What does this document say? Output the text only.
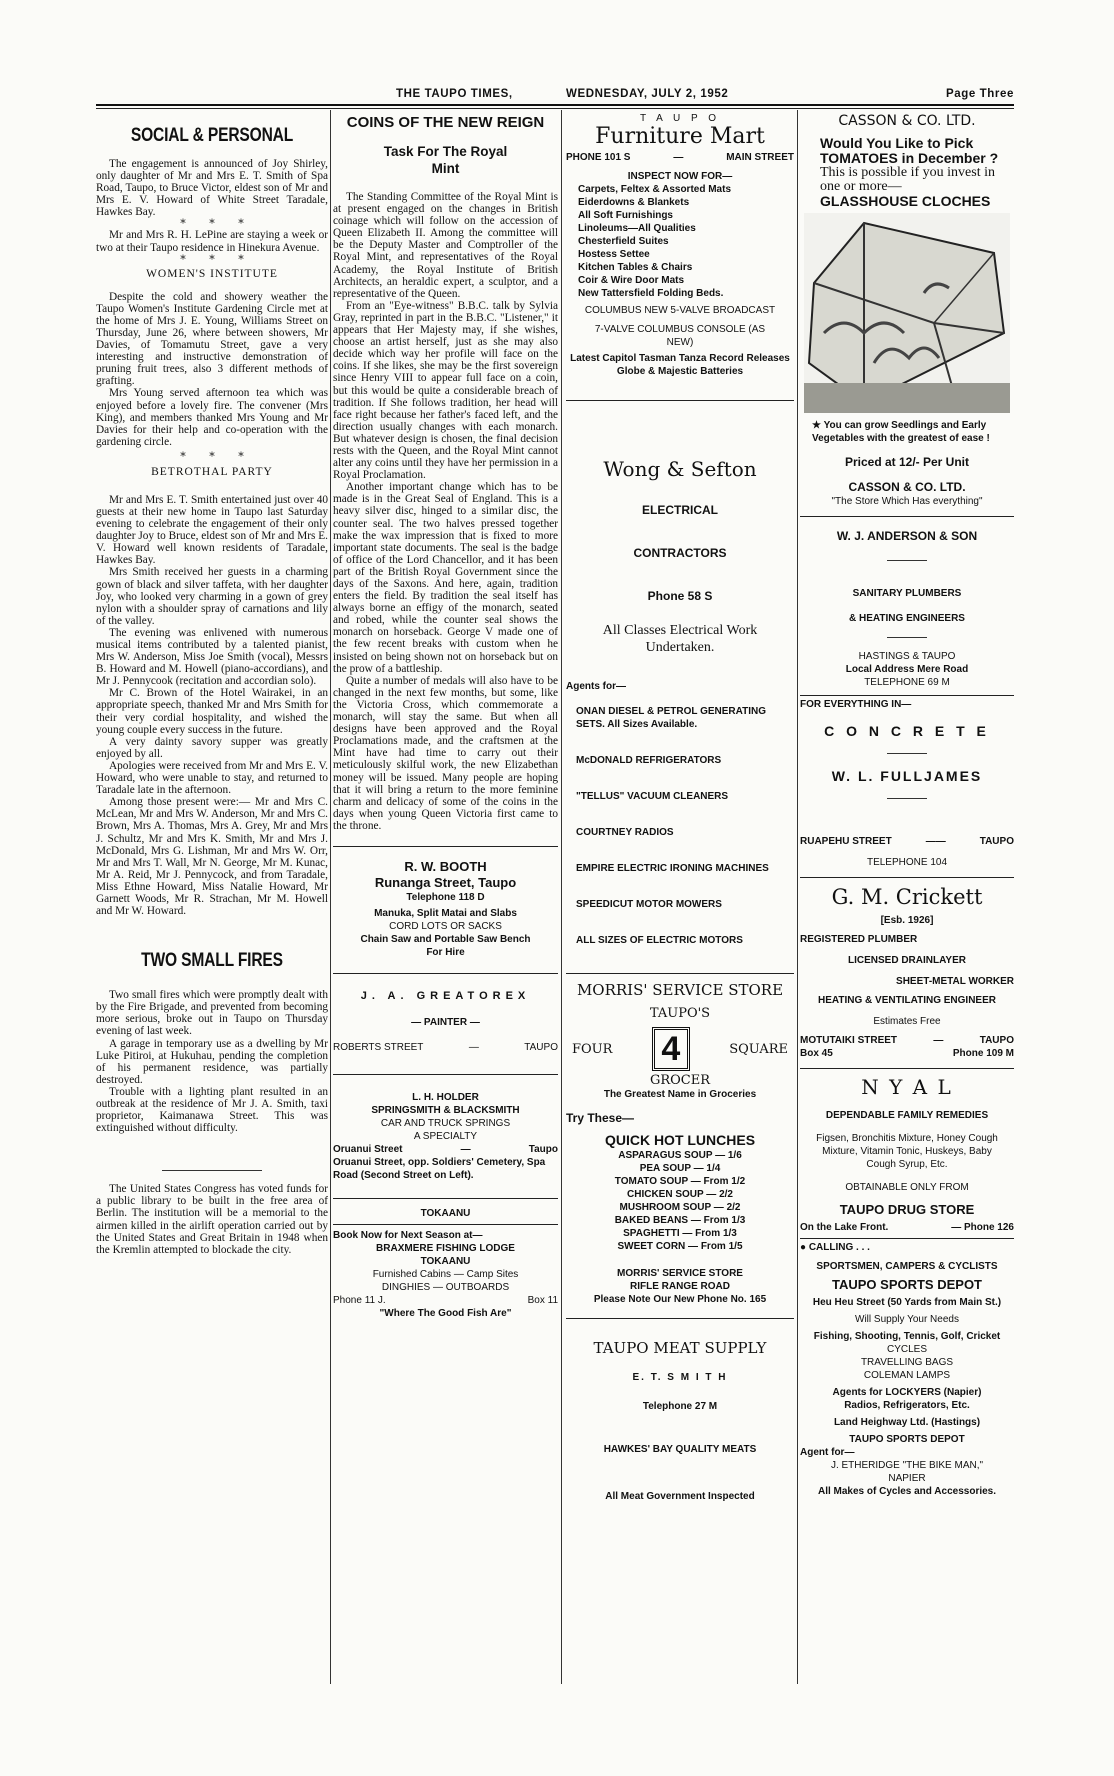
THE TAUPO TIMES,	WEDNESDAY, JULY 2, 1952	Page Three
SOCIAL & PERSONAL

The engagement is announced of Joy Shirley, only daughter of Mr and Mrs E. T. Smith of Spa Road, Taupo, to Bruce Victor, eldest son of Mr and Mrs E. V. Howard of White Street Taradale, Hawkes Bay.

* * *

Mr and Mrs R. H. LePine are staying a week or two at their Taupo residence in Hinekura Avenue.

* * *
WOMEN'S INSTITUTE

Despite the cold and showery weather the Taupo Women's Institute Gardening Circle met at the home of Mrs J. E. Young, Williams Street on Thursday, June 26, where between showers, Mr Davies, of Tomamutu Street, gave a very interesting and instructive demonstration of pruning fruit trees, also 3 different methods of grafting.

Mrs Young served afternoon tea which was enjoyed before a lovely fire. The convener (Mrs King), and members thanked Mrs Young and Mr Davies for their help and co-operation with the gardening circle.

* * *
BETROTHAL PARTY

Mr and Mrs E. T. Smith entertained just over 40 guests at their new home in Taupo last Saturday evening to celebrate the engagement of their only daughter Joy to Bruce, eldest son of Mr and Mrs E. V. Howard well known residents of Taradale, Hawkes Bay.

Mrs Smith received her guests in a charming gown of black and silver taffeta, with her daughter Joy, who looked very charming in a gown of grey nylon with a shoulder spray of carnations and lily of the valley.

The evening was enlivened with numerous musical items contributed by a talented pianist, Mrs W. Anderson, Miss Joe Smith (vocal), Messrs B. Howard and M. Howell (piano-accordians), and Mr J. Pennycook (recitation and accordian solo).

Mr C. Brown of the Hotel Wairakei, in an appropriate speech, thanked Mr and Mrs Smith for their very cordial hospitality, and wished the young couple every success in the future.

A very dainty savory supper was greatly enjoyed by all.

Apologies were received from Mr and Mrs E. V. Howard, who were unable to stay, and returned to Taradale late in the afternoon.

Among those present were:— Mr and Mrs C. McLean, Mr and Mrs W. Anderson, Mr and Mrs C. Brown, Mrs A. Thomas, Mrs A. Grey, Mr and Mrs J. Schultz, Mr and Mrs K. Smith, Mr and Mrs J. McDonald, Mrs G. Lishman, Mr and Mrs W. Orr, Mr and Mrs T. Wall, Mr N. George, Mr M. Kunac, Mr A. Reid, Mr J. Pennycock, and from Taradale, Miss Ethne Howard, Miss Natalie Howard, Mr Garnett Woods, Mr R. Strachan, Mr M. Howell and Mr W. Howard.

TWO SMALL FIRES

Two small fires which were promptly dealt with by the Fire Brigade, and prevented from becoming more serious, broke out in Taupo on Thursday evening of last week.

A garage in temporary use as a dwelling by Mr Luke Pitiroi, at Hukuhau, pending the completion of his permanent residence, was partially destroyed.

Trouble with a lighting plant resulted in an outbreak at the residence of Mr J. A. Smith, taxi proprietor, Kaimanawa Street. This was extinguished without difficulty.

The United States Congress has voted funds for a public library to be built in the free area of Berlin. The institution will be a memorial to the airmen killed in the airlift operation carried out by the United States and Great Britain in 1948 when the Kremlin attempted to blockade the city.

COINS OF THE NEW REIGN
Task For The Royal Mint

The Standing Committee of the Royal Mint is at present engaged on the changes in British coinage which will follow on the accession of Queen Elizabeth II. Among the committee will be the Deputy Master and Comptroller of the Royal Mint, and representatives of the Royal Academy, the Royal Institute of British Architects, an heraldic expert, a sculptor, and a representative of the Queen.

From an "Eye-witness" B.B.C. talk by Sylvia Gray, reprinted in part in the B.B.C. "Listener," it appears that Her Majesty may, if she wishes, choose an artist herself, just as she may also decide which way her profile will face on the coins. If she likes, she may be the first sovereign since Henry VIII to appear full face on a coin, but this would be quite a considerable breach of tradition. If She follows tradition, her head will face right because her father's faced left, and the direction usually changes with each monarch. But whatever design is chosen, the final decision rests with the Queen, and the Royal Mint cannot alter any coins until they have her permission in a Royal Proclamation.

Another important change which has to be made is in the Great Seal of England. This is a heavy silver disc, hinged to a similar disc, the counter seal. The two halves pressed together make the wax impression that is fixed to more important state documents. The seal is the badge of office of the Lord Chancellor, and it has been part of the British Royal Government since the days of the Saxons. And here, again, tradition enters the field. By tradition the seal itself has always borne an effigy of the monarch, seated and robed, while the counter seal shows the monarch on horseback. George V made one of the few recent breaks with custom when he insisted on being shown not on horseback but on the prow of a battleship.

Quite a number of medals will also have to be changed in the next few months, but some, like the Victoria Cross, which commemorate a monarch, will stay the same. But when all designs have been approved and the Royal Proclamations made, and the craftsmen at the Mint have had time to carry out their meticulously skilful work, the new Elizabethan money will be issued. Many people are hoping that it will bring a return to the more feminine charm and delicacy of some of the coins in the days when young Queen Victoria first came to the throne.

R. W. BOOTH
Runanga Street, Taupo
Telephone 118 D
Manuka, Split Matai and Slabs
CORD LOTS OR SACKS
Chain Saw and Portable Saw Bench
For Hire
J. A. GREATOREX
— PAINTER —
ROBERTS STREET	—	TAUPO
L. H. HOLDER
SPRINGSMITH & BLACKSMITH
CAR AND TRUCK SPRINGS
A SPECIALTY
Oruanui Street	—	Taupo
Oruanui Street, opp. Soldiers' Cemetery, Spa Road (Second Street on Left).
TOKAANU
Book Now for Next Season at—
BRAXMERE FISHING LODGE
TOKAANU
Furnished Cabins — Camp Sites
DINGHIES — OUTBOARDS
Phone 11 J.	Box 11
"Where The Good Fish Are"
T A U P O
Furniture Mart
PHONE 101 S	—	MAIN STREET
INSPECT NOW FOR—
Carpets, Feltex & Assorted Mats
Eiderdowns & Blankets
All Soft Furnishings
Linoleums—All Qualities
Chesterfield Suites
Hostess Settee
Kitchen Tables & Chairs
Coir & Wire Door Mats
New Tattersfield Folding Beds.
COLUMBUS NEW 5-VALVE BROADCAST
7-VALVE COLUMBUS CONSOLE (AS NEW)
Latest Capitol Tasman Tanza Record Releases
Globe & Majestic Batteries
Wong & Sefton
ELECTRICAL
CONTRACTORS
Phone 58 S
All Classes Electrical Work Undertaken.
Agents for—
ONAN DIESEL & PETROL GENERATING SETS. All Sizes Available.
McDONALD REFRIGERATORS
"TELLUS" VACUUM CLEANERS
COURTNEY RADIOS
EMPIRE ELECTRIC IRONING MACHINES
SPEEDICUT MOTOR MOWERS
ALL SIZES OF ELECTRIC MOTORS
MORRIS' SERVICE STORE
TAUPO'S
FOUR 4	SQUARE
GROCER
The Greatest Name in Groceries
Try These—
QUICK HOT LUNCHES
ASPARAGUS SOUP — 1/6
PEA SOUP — 1/4
TOMATO SOUP — From 1/2
CHICKEN SOUP — 2/2
MUSHROOM SOUP — 2/2
BAKED BEANS — From 1/3
SPAGHETTI — From 1/3
SWEET CORN — From 1/5
MORRIS' SERVICE STORE
RIFLE RANGE ROAD
Please Note Our New Phone No. 165
TAUPO MEAT SUPPLY
E. T. S M I T H
Telephone 27 M
HAWKES' BAY QUALITY MEATS
All Meat Government Inspected
CASSON & CO. LTD.
Would You Like to Pick TOMATOES in December ?
This is possible if you invest in one or more—
GLASSHOUSE CLOCHES
★ You can grow Seedlings and Early Vegetables with the greatest of ease !
Priced at 12/- Per Unit
CASSON & CO. LTD.
"The Store Which Has everything"
W. J. ANDERSON & SON
SANITARY PLUMBERS
& HEATING ENGINEERS
HASTINGS & TAUPO
Local Address Mere Road
TELEPHONE 69 M
FOR EVERYTHING IN—
C O N C R E T E
W. L. FULLJAMES
RUAPEHU STREET	——	TAUPO
TELEPHONE 104
G. M. Crickett
[Esb. 1926]
REGISTERED PLUMBER
LICENSED DRAINLAYER
SHEET-METAL WORKER
HEATING & VENTILATING ENGINEER
Estimates Free
MOTUTAIKI STREET	—	TAUPO
Box 45	Phone 109 M
N Y A L
DEPENDABLE FAMILY REMEDIES
Figsen, Bronchitis Mixture, Honey Cough Mixture, Vitamin Tonic, Huskeys, Baby Cough Syrup, Etc.
OBTAINABLE ONLY FROM
TAUPO DRUG STORE
On the Lake Front.	— Phone 126
● CALLING . . .
SPORTSMEN, CAMPERS & CYCLISTS
TAUPO SPORTS DEPOT
Heu Heu Street (50 Yards from Main St.)
Will Supply Your Needs
Fishing, Shooting, Tennis, Golf, Cricket
CYCLES
TRAVELLING BAGS
COLEMAN LAMPS
Agents for LOCKYERS (Napier)
Radios, Refrigerators, Etc.
Land Heighway Ltd. (Hastings)
TAUPO SPORTS DEPOT
Agent for—
J. ETHERIDGE "THE BIKE MAN,"
NAPIER
All Makes of Cycles and Accessories.
